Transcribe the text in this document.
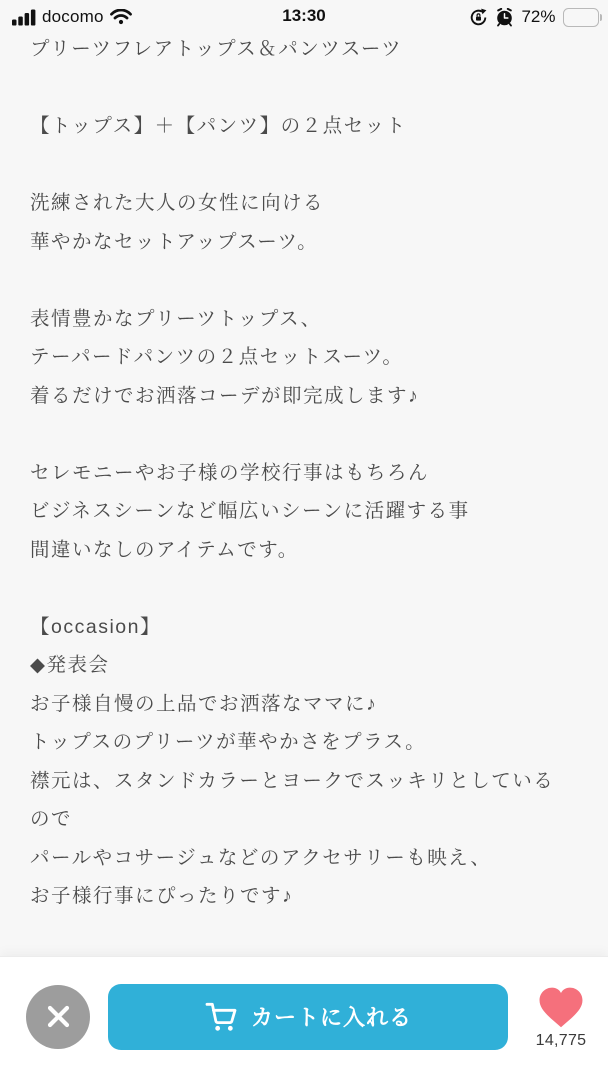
docomo	13:30	72%
プリーツフレアトップス＆パンツスーツ
【トップス】＋【パンツ】の２点セット
洗練された大人の女性に向ける
華やかなセットアップスーツ。
表情豊かなプリーツトップス、
テーパードパンツの２点セットスーツ。
着るだけでお洒落コーデが即完成します♪
セレモニーやお子様の学校行事はもちろん
ビジネスシーンなど幅広いシーンに活躍する事
間違いなしのアイテムです。
【occasion】
◆発表会
お子様自慢の上品でお洒落なママに♪
トップスのプリーツが華やかさをプラス。
襟元は、スタンドカラーとヨークでスッキリとしている
ので
パールやコサージュなどのアクセサリーも映え、
お子様行事にぴったりです♪
カートに入れる
14,775
